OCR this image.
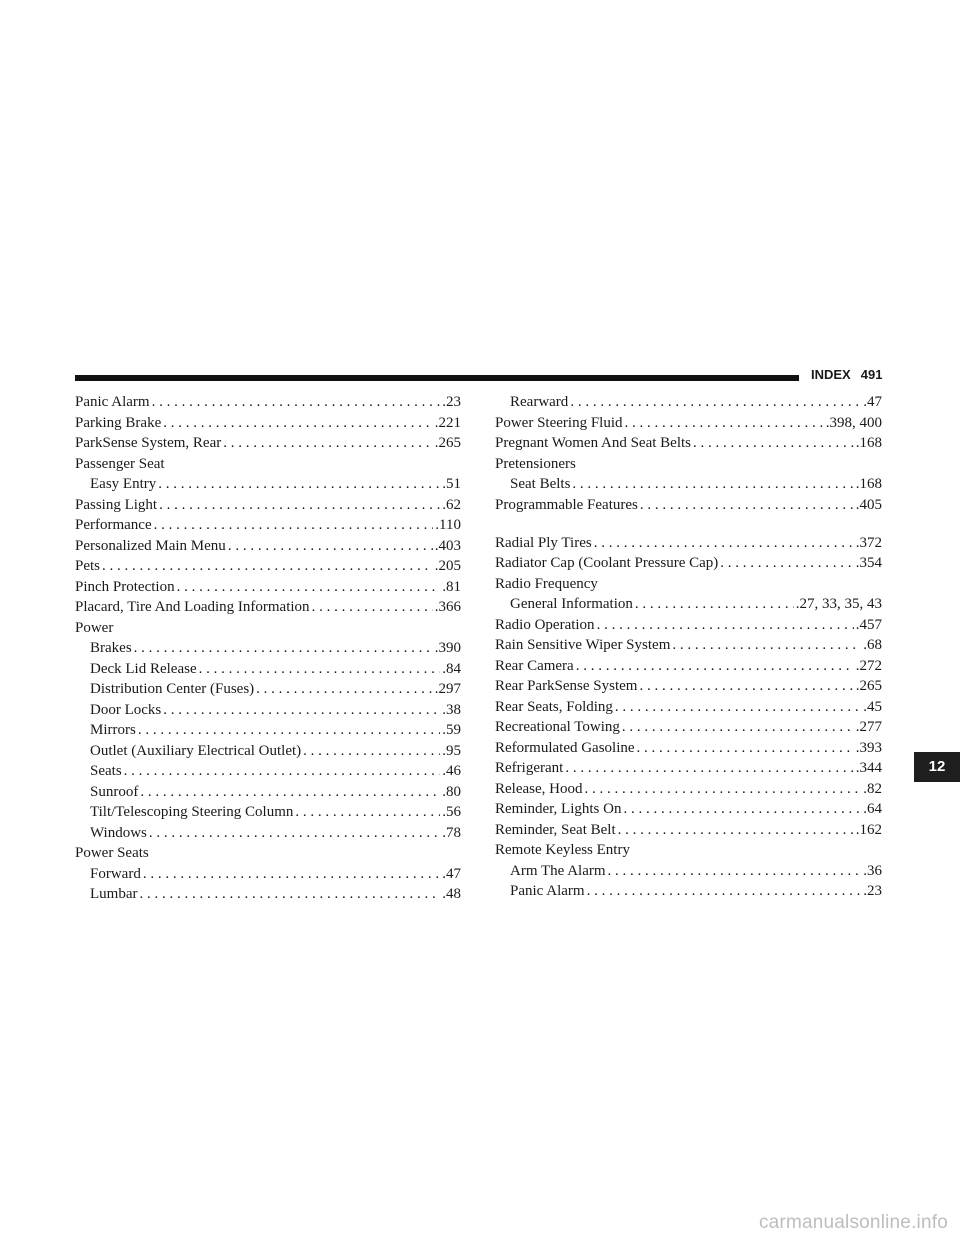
INDEX 491
Panic Alarm . . .	.23
Parking Brake . . .	.221
ParkSense System, Rear . . .	.265
Passenger Seat
Easy Entry . . .	.51
Passing Light . . .	.62
Performance . . .	.110
Personalized Main Menu . . .	.403
Pets . . .	.205
Pinch Protection . . .	.81
Placard, Tire And Loading Information . . .	.366
Power
Brakes . . .	.390
Deck Lid Release . . .	.84
Distribution Center (Fuses) . . .	.297
Door Locks . . .	.38
Mirrors . . .	.59
Outlet (Auxiliary Electrical Outlet) . . .	.95
Seats . . .	.46
Sunroof . . .	.80
Tilt/Telescoping Steering Column . . .	.56
Windows . . .	.78
Power Seats
Forward . . .	.47
Lumbar . . .	.48
Rearward . . .	.47
Power Steering Fluid . . .	.398, 400
Pregnant Women And Seat Belts . . .	.168
Pretensioners
Seat Belts . . .	.168
Programmable Features . . .	.405
Radial Ply Tires . . .	.372
Radiator Cap (Coolant Pressure Cap) . . .	.354
Radio Frequency
General Information . . .	.27, 33, 35, 43
Radio Operation . . .	.457
Rain Sensitive Wiper System . . .	.68
Rear Camera . . .	.272
Rear ParkSense System . . .	.265
Rear Seats, Folding . . .	.45
Recreational Towing . . .	.277
Reformulated Gasoline . . .	.393
Refrigerant . . .	.344
Release, Hood . . .	.82
Reminder, Lights On . . .	.64
Reminder, Seat Belt . . .	.162
Remote Keyless Entry
Arm The Alarm . . .	.36
Panic Alarm . . .	.23
12
carmanualsonline.info
